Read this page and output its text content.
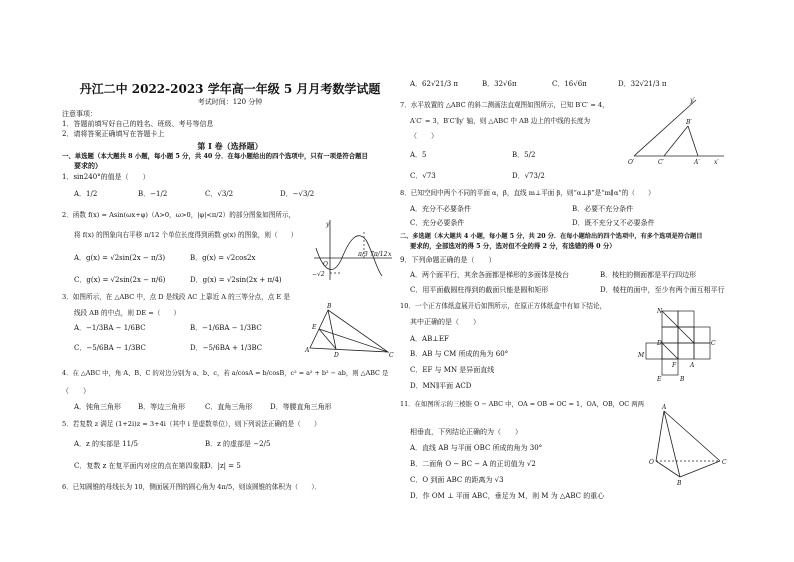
丹江二中 2022-2023 学年高一年级 5 月月考数学试题
考试时间：120 分钟
注意事项：
1．答题前填写好自己的姓名、班级、考号等信息
2．请将答案正确填写在答题卡上
第 I 卷（选择题）
一、单选题（本大题共 8 小题，每小题 5 分，共 40 分．在每小题给出的四个选项中，只有一项是符合题目
要求的）
1．sin240°的值是（　　）
A．1/2	B．−1/2	C．√3/2	D．−√3/2
2．函数 f(x) = Asin(ωx+φ)（A>0，ω>0，|φ|<π/2）的部分图象如图所示，
将 f(x) 的图象向右平移 π/12 个单位长度得到函数 g(x) 的图象，则（　　）
A．g(x) = √2sin(2x − π/3)	B．g(x) = √2cos2x
C．g(x) = √2sin(2x − π/6)	D．g(x) = √2sin(2x + π/4)
y
x
O
π/3 7π/12
−√2
3．如图所示，在 △ABC 中，点 D 是线段 AC 上靠近 A 的三等分点，点 E 是
线段 AB 的中点，则 DE =（　　）
A．−1/3BA − 1/6BC	B．−1/6BA − 1/3BC
C．−5/6BA − 1/3BC	D．−5/6BA + 1/3BC
B
A
C
D
E
4．在 △ABC 中，角 A、B、C 的对边分别为 a、b、c，若 a/cosA = b/cosB，c² = a² + b² − ab，则 △ABC 是
（　　）
A．钝角三角形 B．等边三角形	C．直角三角形	D．等腰直角三角形
5．若复数 z 满足 (1+2i)z = 3+4i（其中 i 是虚数单位），则下列说法正确的是（　　）
A．z 的实部是 11/5	B．z 的虚部是 −2/5
C．复数 z 在复平面内对应的点在第四象限
D．|z| = 5
6．已知圆锥的母线长为 10，侧面展开图的圆心角为 4π/5，则该圆锥的体积为（　　）．
A．62√21/3 π	B．32√6π	C．16√6π	D．32√21/3 π
7．水平放置的 △ABC 的斜二测画法直观图如图所示，已知 B′C′ = 4，
A′C′ = 3，B′C′∥y′ 轴，则 △ABC 中 AB 边上的中线的长度为
（　　）
A．5	B．5/2
C．√73	D．√73/2
y′
x′
O′	C′	A′
B′
8．已知空间中两个不同的平面 α，β，直线 m⊥平面 β，则“α⊥β”是“m∥α”的（　　）
A．充分不必要条件	B．必要不充分条件
C．充分必要条件	D．既不充分又不必要条件
二、多选题（本大题共 4 小题，每小题 5 分，共 20 分．在每小题给出的四个选项中，有多个选项是符合题目
要求的，全部选对的得 5 分，选对但不全的得 2 分，有选错的得 0 分）
9．下列命题正确的是（　　）
A．两个面平行，其余各面都是梯形的多面体是棱台	B．棱柱的侧面都是平行四边形
C．用平面截圆柱得到的截面只能是圆和矩形	D．棱柱的面中，至少有两个面互相平行
10．一个正方体纸盒展开后如图所示，在原正方体纸盒中有如下结论，
其中正确的是（　　）
A．AB⊥EF
B．AB 与 CM 所成的角为 60°
C．EF 与 MN 是异面直线
D．MN∥平面 ACD
N
D	C
M
F A
E	B
11．在如图所示的三棱锥 O − ABC 中，OA = OB = OC = 1，OA，OB，OC 两两
相垂直，下列结论正确的为（　　）
A．直线 AB 与平面 OBC 所成的角为 30°
B．二面角 O − BC − A 的正切值为 √2
C．O 到面 ABC 的距离为 √3
D．作 OM ⊥ 平面 ABC，垂足为 M，则 M 为 △ABC 的重心
A
O	C
B
